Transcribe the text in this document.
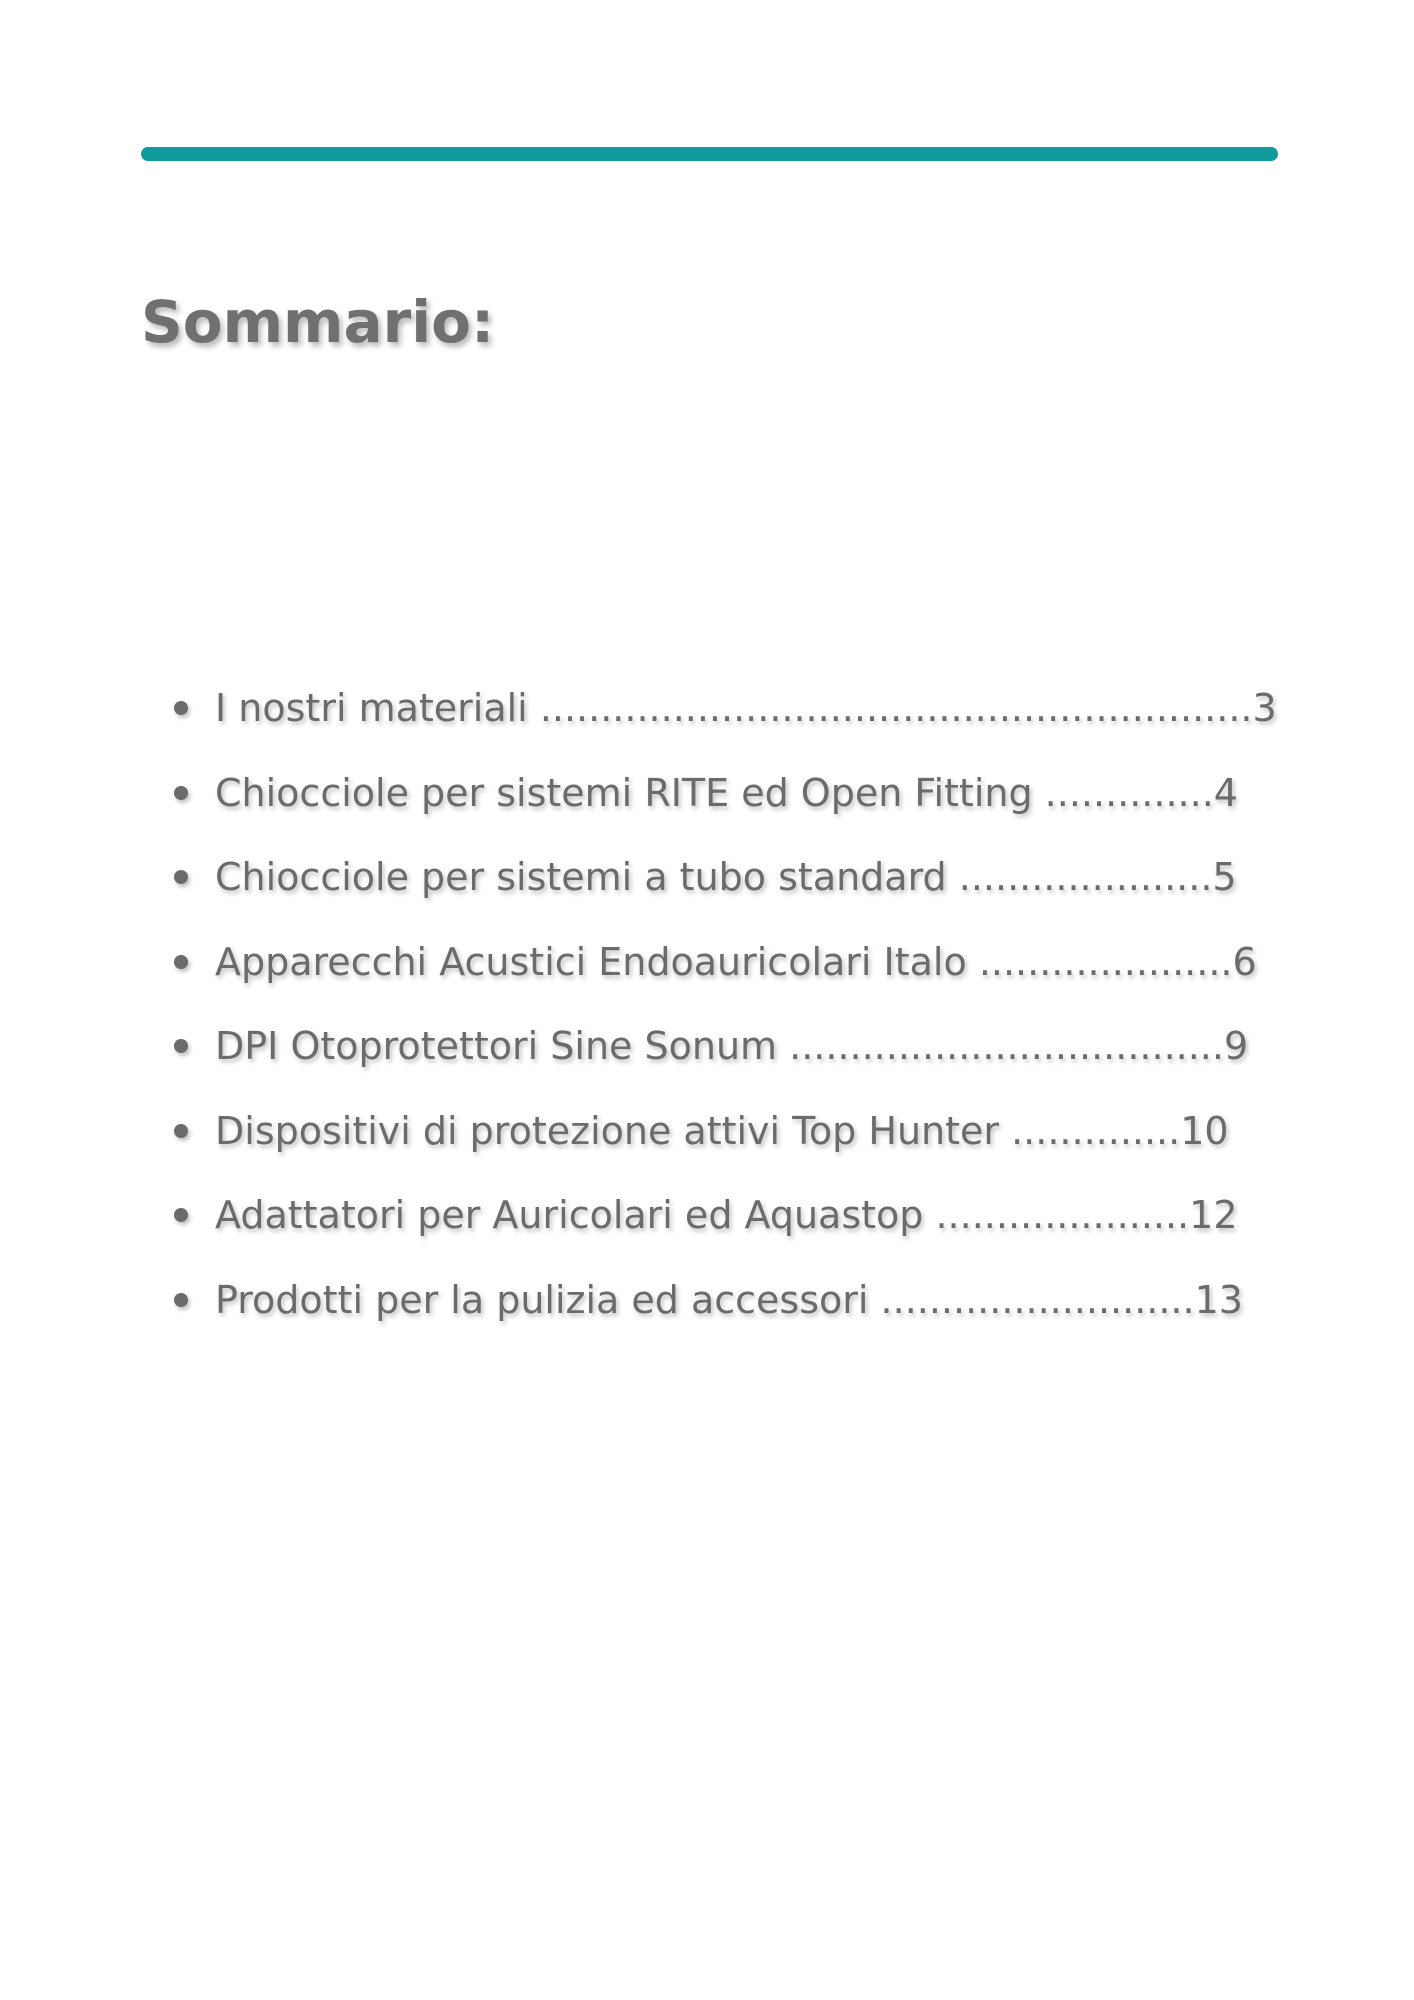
Sommario:
I nostri materiali ...........................................................3
Chiocciole per sistemi RITE ed Open Fitting ..............4
Chiocciole per sistemi a tubo standard .....................5
Apparecchi Acustici Endoauricolari Italo .....................6
DPI Otoprotettori Sine Sonum ....................................9
Dispositivi di protezione attivi Top Hunter ..............10
Adattatori per Auricolari ed Aquastop .....................12
Prodotti per la pulizia ed accessori ..........................13
